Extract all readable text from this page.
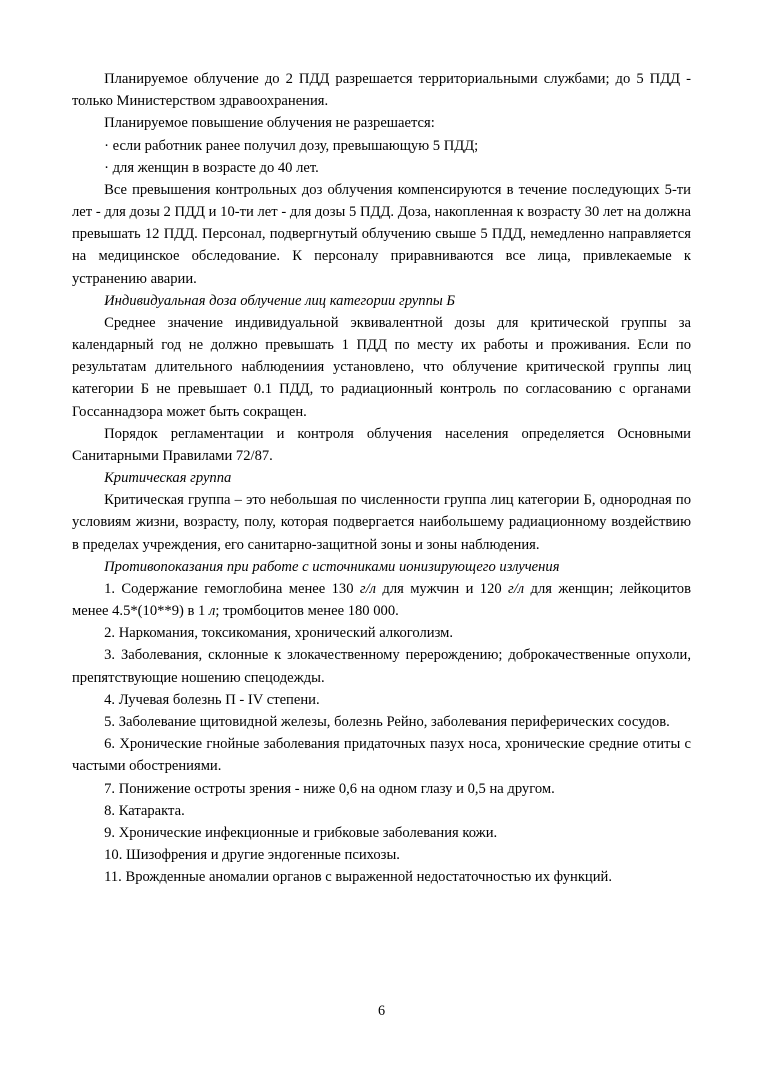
Планируемое облучение до 2 ПДД разрешается территориальными службами; до 5 ПДД - только Министерством здравоохранения.

Планируемое повышение облучения не разрешается:

· если работник ранее получил дозу, превышающую 5 ПДД;

· для женщин в возрасте до 40 лет.

Все превышения контрольных доз облучения компенсируются в течение последующих 5-ти лет - для дозы 2 ПДД и 10-ти лет - для дозы 5 ПДД. Доза, накопленная к возрасту 30 лет на должна превышать 12 ПДД. Персонал, подвергнутый облучению свыше 5 ПДД, немедленно направляется на медицинское обследование. К персоналу приравниваются все лица, привлекаемые к устранению аварии.

Индивидуальная доза облучение лиц категории группы Б

Среднее значение индивидуальной эквивалентной дозы для критической группы за календарный год не должно превышать 1 ПДД по месту их работы и проживания. Если по результатам длительного наблюдениия установлено, что облучение критической группы лиц категории Б не превышает 0.1 ПДД, то радиационный контроль по согласованию с органами Госсаннадзора может быть сокращен.

Порядок регламентации и контроля облучения населения определяется Основными Санитарными Правилами 72/87.

Критическая группа

Критическая группа – это небольшая по численности группа лиц категории Б, однородная по условиям жизни, возрасту, полу, которая подвергается наибольшему радиационному воздействию в пределах учреждения, его санитарно-защитной зоны и зоны наблюдения.

Противопоказания при работе с источниками ионизирующего излучения

1. Содержание гемоглобина менее 130 г/л для мужчин и 120 г/л для женщин; лейкоцитов менее 4.5*(10**9) в 1 л; тромбоцитов менее 180 000.

2. Наркомания, токсикомания, хронический алкоголизм.

3. Заболевания, склонные к злокачественному перерождению; доброкачественные опухоли, препятствующие ношению спецодежды.

4. Лучевая болезнь П - IV степени.

5. Заболевание щитовидной железы, болезнь Рейно, заболевания периферических сосудов.

6. Хронические гнойные заболевания придаточных пазух носа, хронические средние отиты с частыми обострениями.

7. Понижение остроты зрения - ниже 0,6 на одном глазу и 0,5 на другом.

8. Катаракта.

9. Хронические инфекционные и грибковые заболевания кожи.

10. Шизофрения и другие эндогенные психозы.

11. Врожденные аномалии органов с выраженной недостаточностью их функций.

6
